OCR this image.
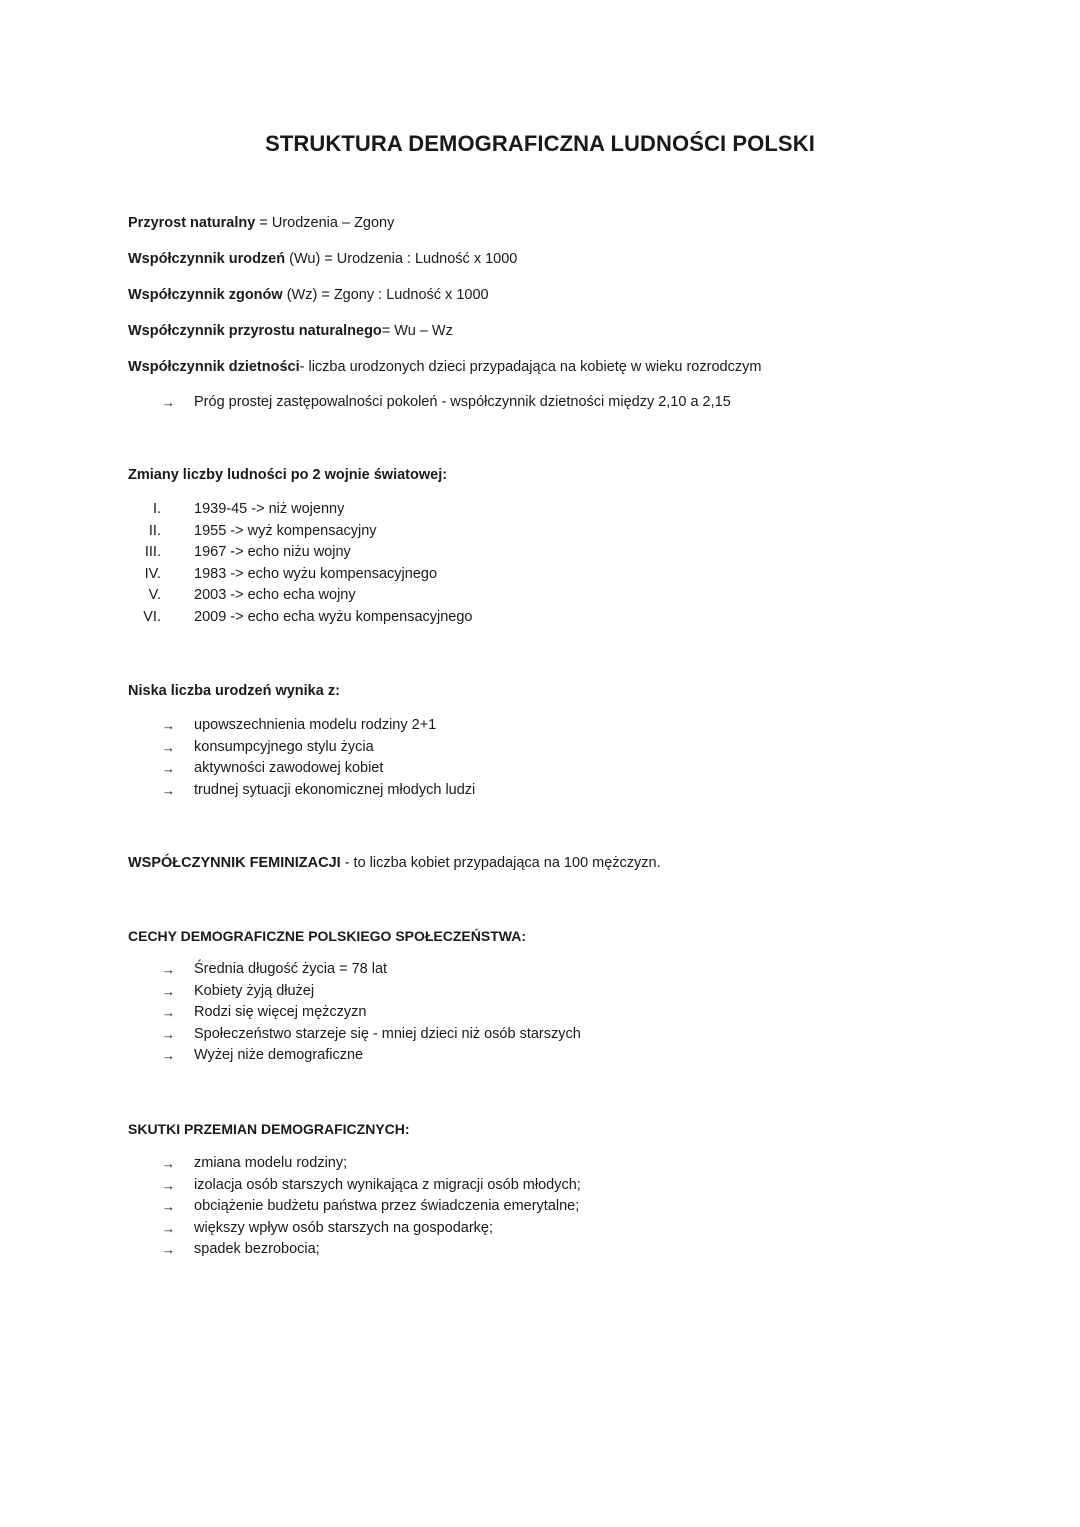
STRUKTURA DEMOGRAFICZNA LUDNOŚCI POLSKI
Przyrost naturalny = Urodzenia – Zgony
Współczynnik urodzeń (Wu) = Urodzenia : Ludność x 1000
Współczynnik zgonów (Wz) = Zgony : Ludność x 1000
Współczynnik przyrostu naturalnego= Wu – Wz
Współczynnik dzietności- liczba urodzonych dzieci przypadająca na kobietę w wieku rozrodczym
→ Próg prostej zastępowalności pokoleń - współczynnik dzietności między 2,10 a 2,15
Zmiany liczby ludności po 2 wojnie światowej:
I. 1939-45 -> niż wojenny
II. 1955 -> wyż kompensacyjny
III. 1967 -> echo niżu wojny
IV. 1983 -> echo wyżu kompensacyjnego
V. 2003 -> echo echa wojny
VI. 2009 -> echo echa wyżu kompensacyjnego
Niska liczba urodzeń wynika z:
→ upowszechnienia modelu rodziny 2+1
→ konsumpcyjnego stylu życia
→ aktywności zawodowej kobiet
→ trudnej sytuacji ekonomicznej młodych ludzi
WSPÓŁCZYNNIK FEMINIZACJI - to liczba kobiet przypadająca na 100 mężczyzn.
CECHY DEMOGRAFICZNE POLSKIEGO SPOŁECZEŃSTWA:
→ Średnia długość życia = 78 lat
→ Kobiety żyją dłużej
→ Rodzi się więcej mężczyzn
→ Społeczeństwo starzeje się - mniej dzieci niż osób starszych
→ Wyżej niże demograficzne
SKUTKI PRZEMIAN DEMOGRAFICZNYCH:
→ zmiana modelu rodziny;
→ izolacja osób starszych wynikająca z migracji osób młodych;
→ obciążenie budżetu państwa przez świadczenia emerytalne;
→ większy wpływ osób starszych na gospodarkę;
→ spadek bezrobocia;
